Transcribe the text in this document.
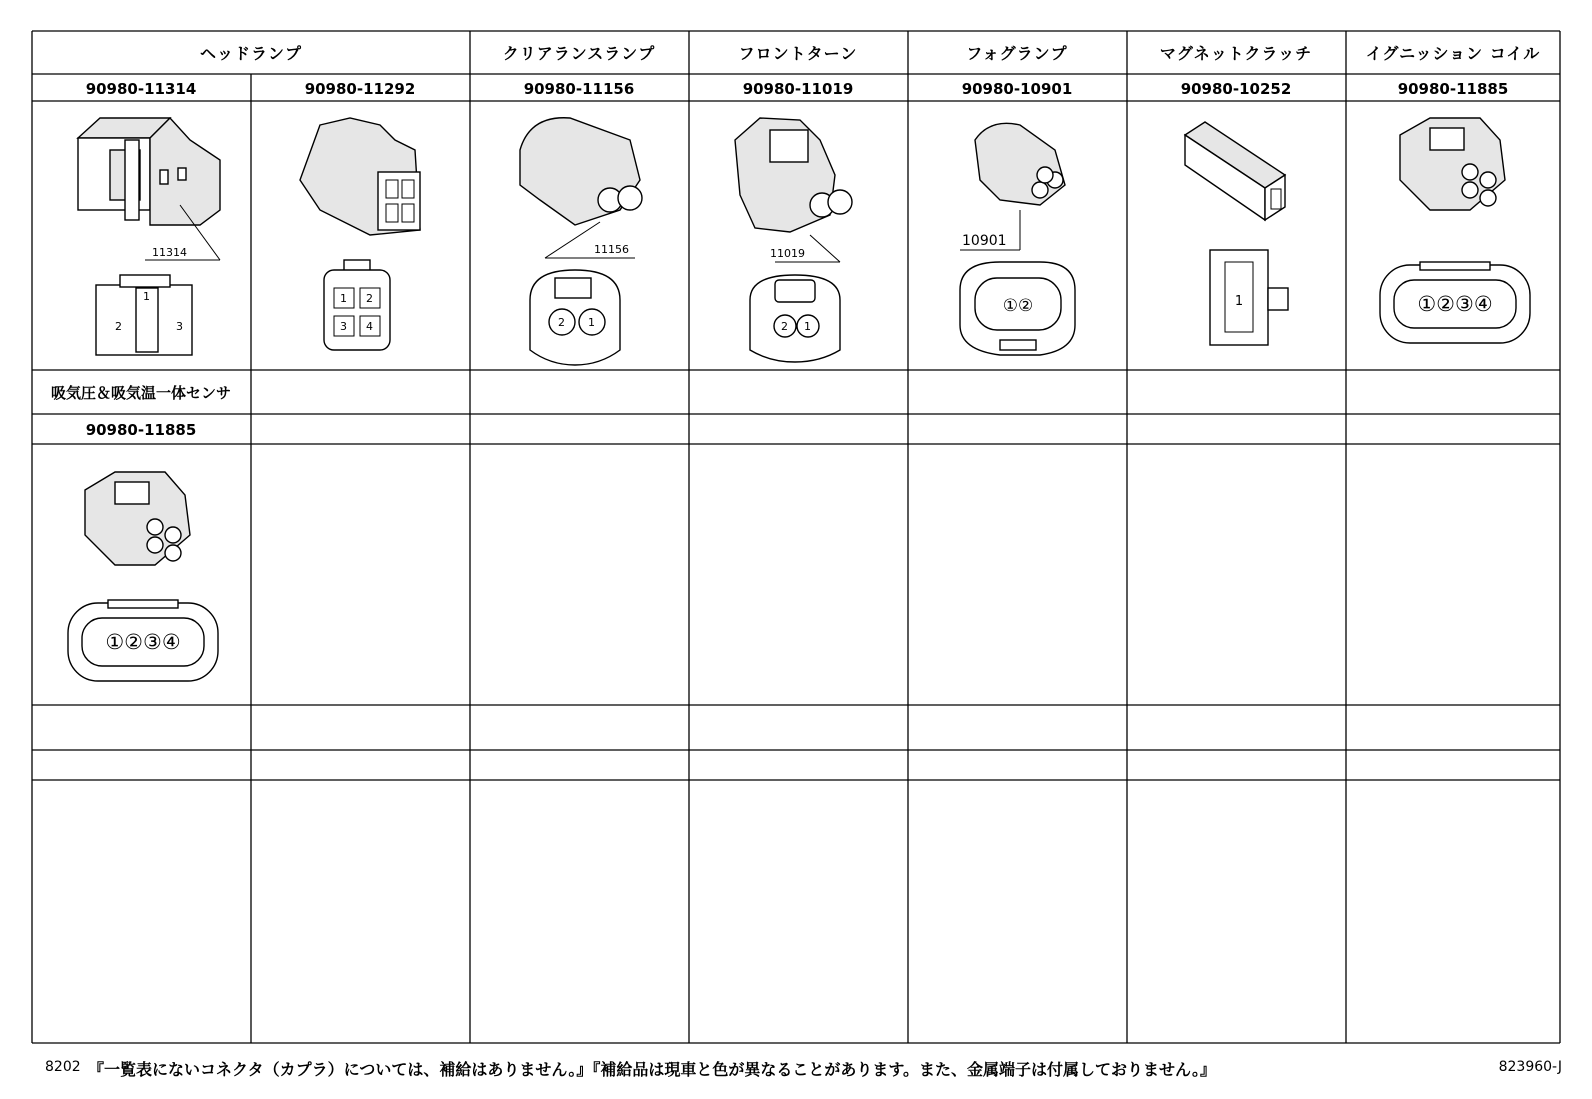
ヘッドランプ	クリアランスランプ	フロントターン	フォグランプ	マグネットクラッチ	イグニッション コイル
90980-11314	90980-11292	90980-11156	90980-11019	90980-10901	90980-10252	90980-11885
吸気圧＆吸気温一体センサ
90980-11885
11314
1
2	3
1 2
3 4
11156
2 1
11019
2 1
10901
①②	1	①②③④
①②③④
8202 『一覧表にないコネクタ（カプラ）については、補給はありません。』『補給品は現車と色が異なることがあります。また、金属端子は付属しておりません。』	823960-J
